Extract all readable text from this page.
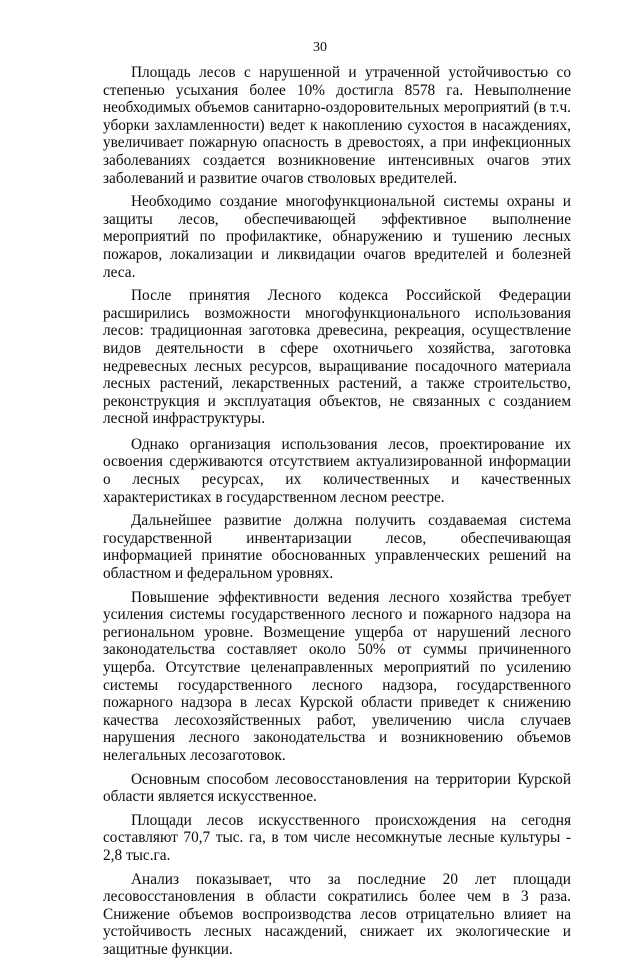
30

Площадь лесов с нарушенной и утраченной устойчивостью со степенью усыхания более 10% достигла 8578 га. Невыполнение необходимых объемов санитарно-оздоровительных мероприятий (в т.ч. уборки захламленности) ведет к накоплению сухостоя в насаждениях, увеличивает пожарную опасность в древостоях, а при инфекционных заболеваниях создается возникновение интенсивных очагов этих заболеваний и развитие очагов стволовых вредителей.

Необходимо создание многофункциональной системы охраны и защиты лесов, обеспечивающей эффективное выполнение мероприятий по профилактике, обнаружению и тушению лесных пожаров, локализации и ликвидации очагов вредителей и болезней леса.

После принятия Лесного кодекса Российской Федерации расширились возможности многофункционального использования лесов: традиционная заготовка древесина, рекреация, осуществление видов деятельности в сфере охотничьего хозяйства, заготовка недревесных лесных ресурсов, выращивание посадочного материала лесных растений, лекарственных растений, а также строительство, реконструкция и эксплуатация объектов, не связанных с созданием лесной инфраструктуры.

Однако организация использования лесов, проектирование их освоения сдерживаются отсутствием актуализированной информации о лесных ресурсах, их количественных и качественных характеристиках в государственном лесном реестре.

Дальнейшее развитие должна получить создаваемая система государственной инвентаризации лесов, обеспечивающая информацией принятие обоснованных управленческих решений на областном и федеральном уровнях.

Повышение эффективности ведения лесного хозяйства требует усиления системы государственного лесного и пожарного надзора на региональном уровне. Возмещение ущерба от нарушений лесного законодательства составляет около 50% от суммы причиненного ущерба. Отсутствие целенаправленных мероприятий по усилению системы государственного лесного надзора, государственного пожарного надзора в лесах Курской области приведет к снижению качества лесохозяйственных работ, увеличению числа случаев нарушения лесного законодательства и возникновению объемов нелегальных лесозаготовок.

Основным способом лесовосстановления на территории Курской области является искусственное.

Площади лесов искусственного происхождения на сегодня составляют 70,7 тыс. га, в том числе несомкнутые лесные культуры - 2,8 тыс.га.

Анализ показывает, что за последние 20 лет площади лесовосстановления в области сократились более чем в 3 раза. Снижение объемов воспроизводства лесов отрицательно влияет на устойчивость лесных насаждений, снижает их экологические и защитные функции.
